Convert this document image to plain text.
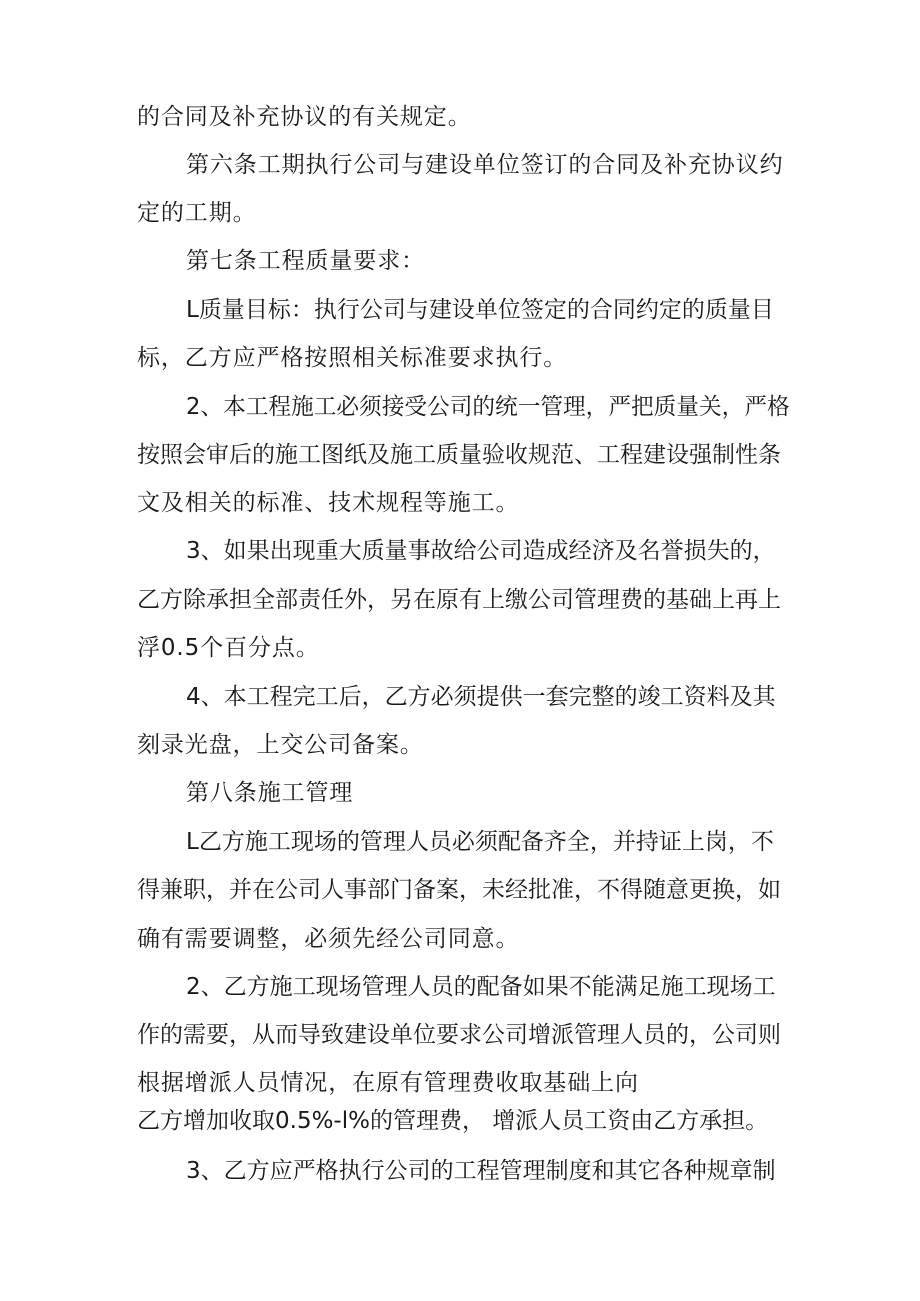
的合同及补充协议的有关规定。
第六条工期执行公司与建设单位签订的合同及补充协议约
定的工期。
第七条工程质量要求：
L质量目标：执行公司与建设单位签定的合同约定的质量目
标，乙方应严格按照相关标准要求执行。
2、本工程施工必须接受公司的统一管理，严把质量关，严格
按照会审后的施工图纸及施工质量验收规范、工程建设强制性条
文及相关的标准、技术规程等施工。
3、如果出现重大质量事故给公司造成经济及名誉损失的，
乙方除承担全部责任外，另在原有上缴公司管理费的基础上再上
浮0.5个百分点。
4、本工程完工后，乙方必须提供一套完整的竣工资料及其
刻录光盘，上交公司备案。
第八条施工管理
L乙方施工现场的管理人员必须配备齐全，并持证上岗，不
得兼职，并在公司人事部门备案，未经批准，不得随意更换，如
确有需要调整，必须先经公司同意。
2、乙方施工现场管理人员的配备如果不能满足施工现场工
作的需要，从而导致建设单位要求公司增派管理人员的，公司则
根据增派人员情况，在原有管理费收取基础上向
乙方增加收取0.5%-l%的管理费， 增派人员工资由乙方承担。
3、乙方应严格执行公司的工程管理制度和其它各种规章制
